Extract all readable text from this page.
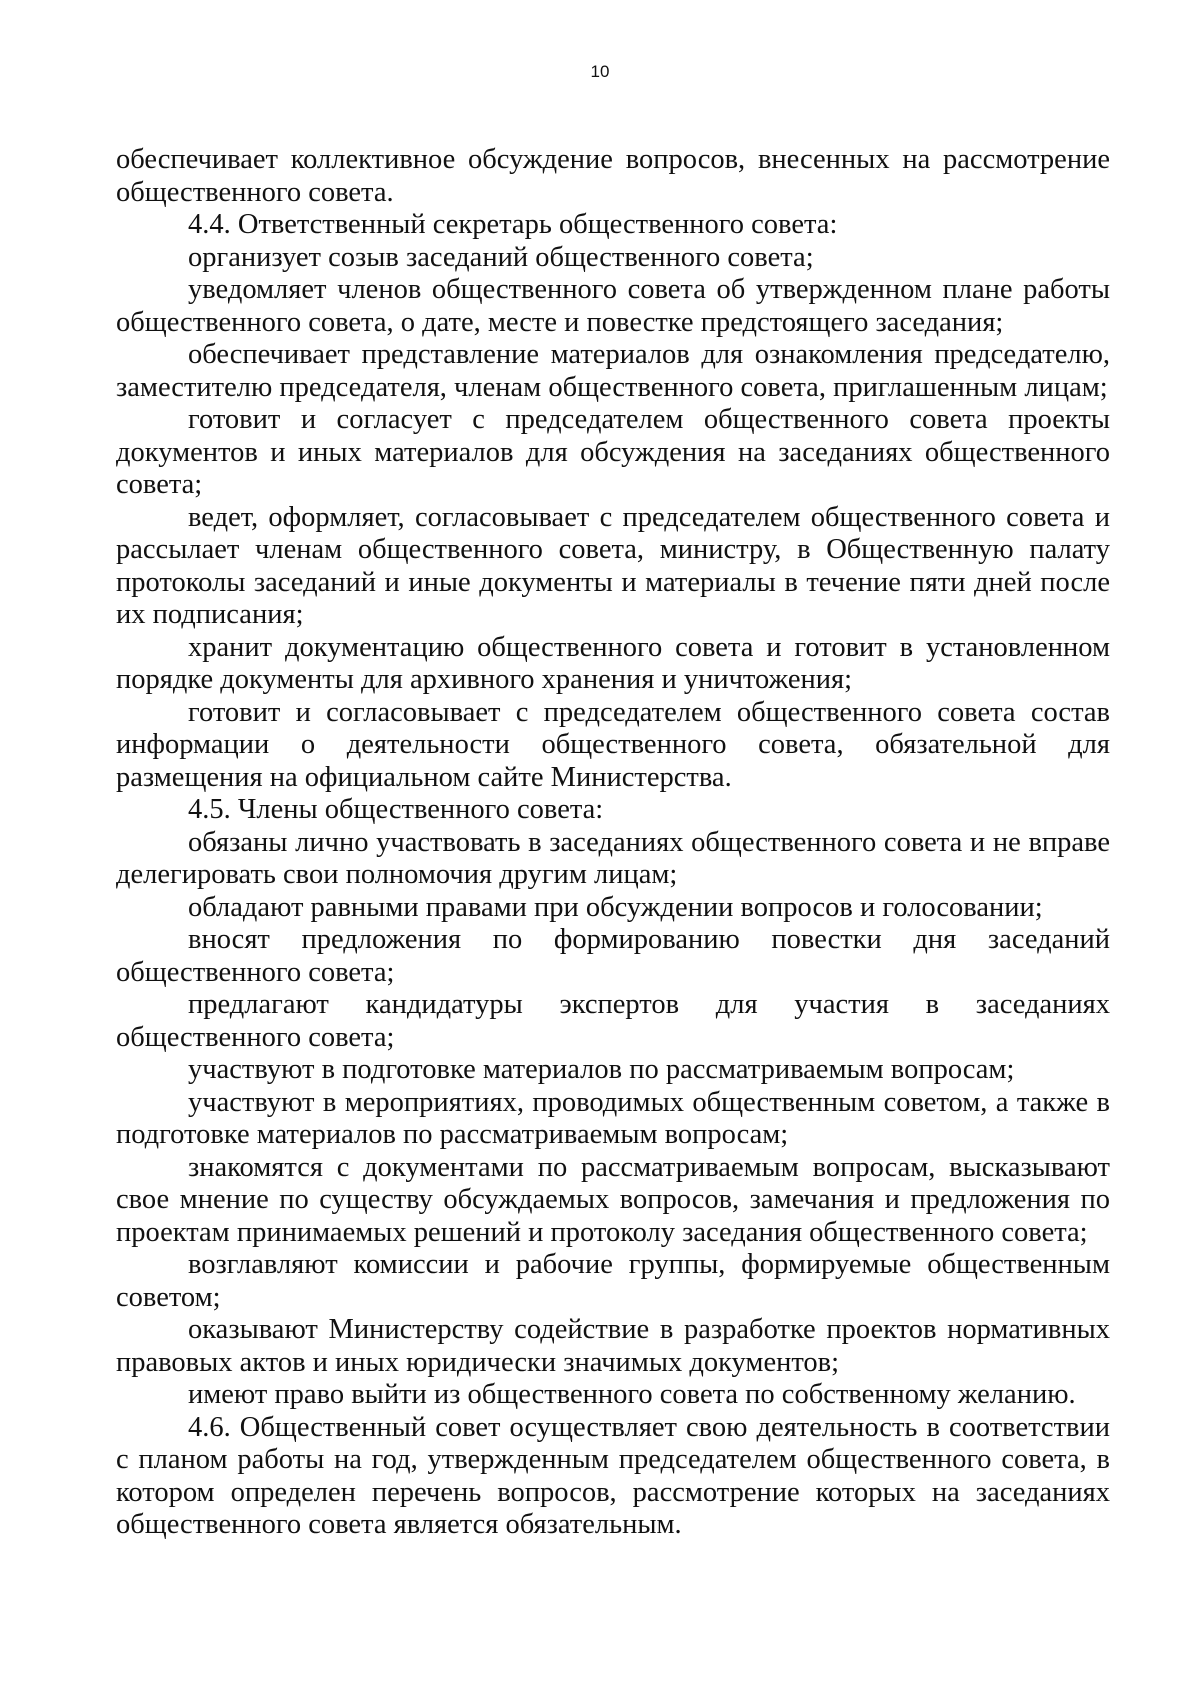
10

обеспечивает коллективное обсуждение вопросов, внесенных на рассмотрение общественного совета.

4.4. Ответственный секретарь общественного совета:

организует созыв заседаний общественного совета;

уведомляет членов общественного совета об утвержденном плане работы общественного совета, о дате, месте и повестке предстоящего заседания;

обеспечивает представление материалов для ознакомления председателю, заместителю председателя, членам общественного совета, приглашенным лицам;

готовит и согласует с председателем общественного совета проекты документов и иных материалов для обсуждения на заседаниях общественного совета;

ведет, оформляет, согласовывает с председателем общественного совета и рассылает членам общественного совета, министру, в Общественную палату протоколы заседаний и иные документы и материалы в течение пяти дней после их подписания;

хранит документацию общественного совета и готовит в установленном порядке документы для архивного хранения и уничтожения;

готовит и согласовывает с председателем общественного совета состав информации о деятельности общественного совета, обязательной для размещения на официальном сайте Министерства.

4.5. Члены общественного совета:

обязаны лично участвовать в заседаниях общественного совета и не вправе делегировать свои полномочия другим лицам;

обладают равными правами при обсуждении вопросов и голосовании;

вносят предложения по формированию повестки дня заседаний общественного совета;

предлагают кандидатуры экспертов для участия в заседаниях общественного совета;

участвуют в подготовке материалов по рассматриваемым вопросам;

участвуют в мероприятиях, проводимых общественным советом, а также в подготовке материалов по рассматриваемым вопросам;

знакомятся с документами по рассматриваемым вопросам, высказывают свое мнение по существу обсуждаемых вопросов, замечания и предложения по проектам принимаемых решений и протоколу заседания общественного совета;

возглавляют комиссии и рабочие группы, формируемые общественным советом;

оказывают Министерству содействие в разработке проектов нормативных правовых актов и иных юридически значимых документов;

имеют право выйти из общественного совета по собственному желанию.

4.6. Общественный совет осуществляет свою деятельность в соответствии с планом работы на год, утвержденным председателем общественного совета, в котором определен перечень вопросов, рассмотрение которых на заседаниях общественного совета является обязательным.
